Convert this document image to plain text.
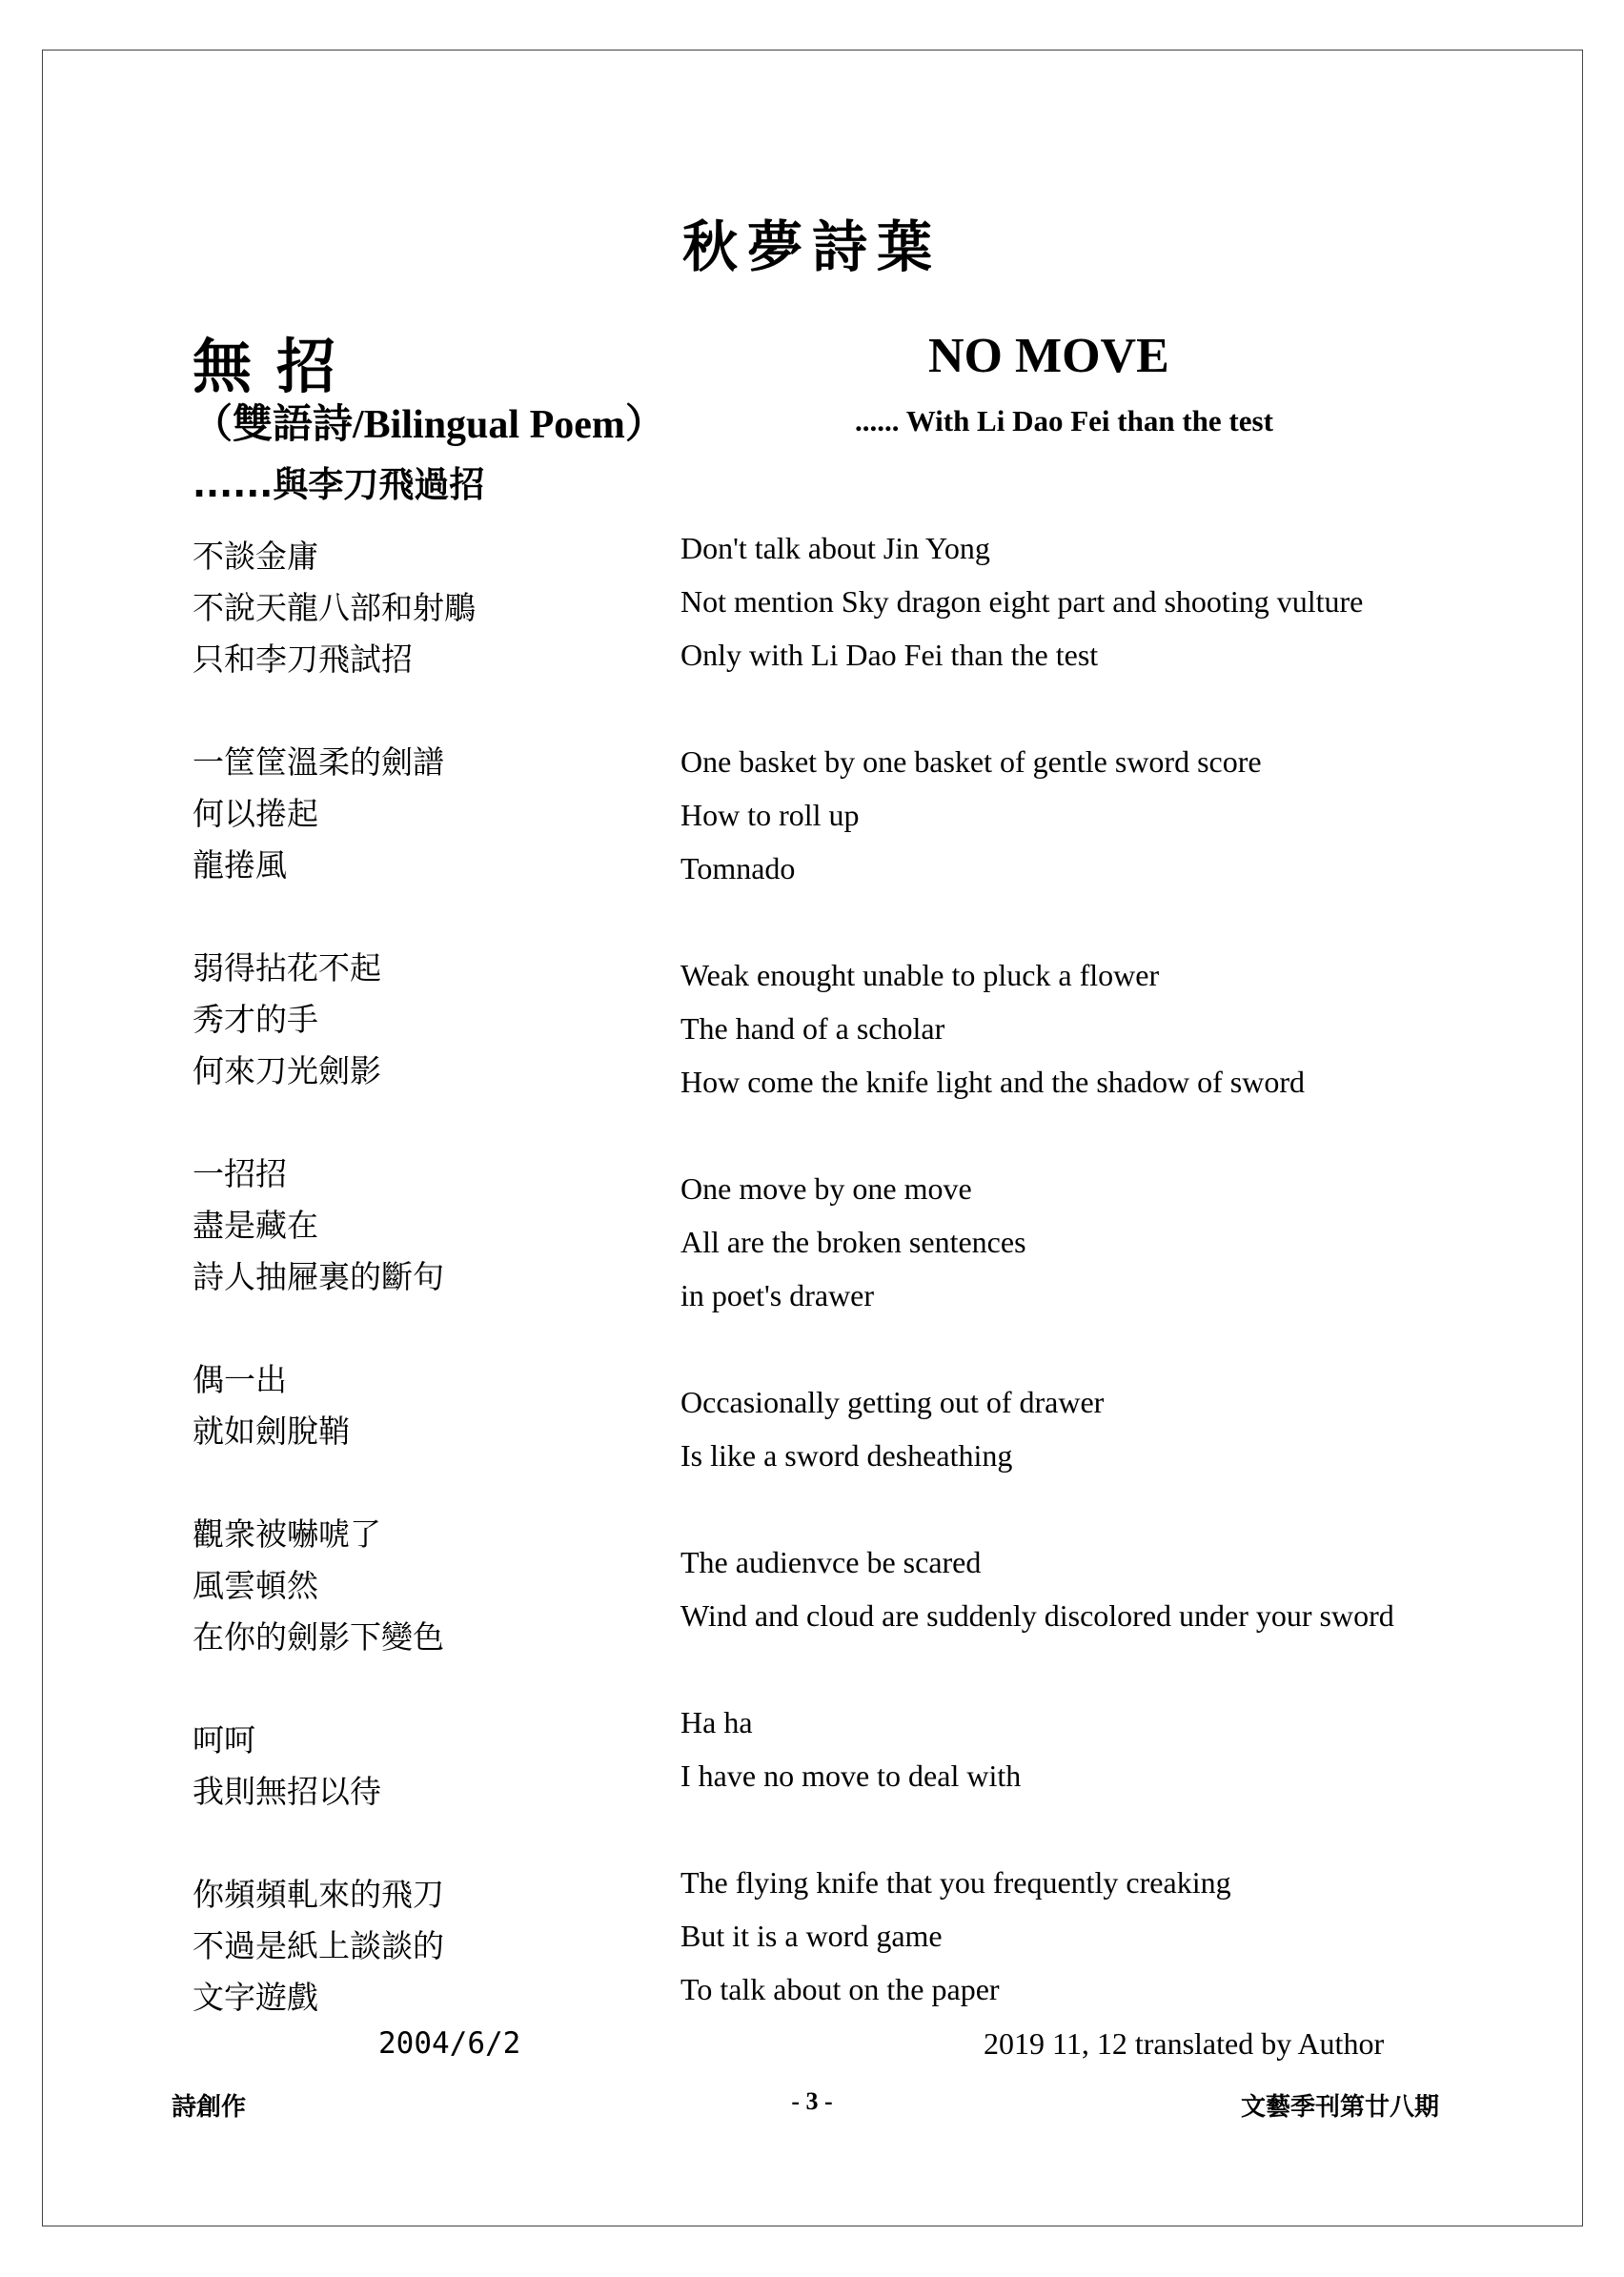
秋夢詩葉
無招	NO MOVE
（雙語詩/Bilingual Poem）	...... With Li Dao Fei than the test
......與李刀飛過招
不談金庸
不說天龍八部和射鵰
只和李刀飛試招
一筐筐溫柔的劍譜
何以捲起
龍捲風
弱得拈花不起
秀才的手
何來刀光劍影
一招招
盡是藏在
詩人抽屜裏的斷句
偶一出
就如劍脫鞘
觀衆被嚇唬了
風雲頓然
在你的劍影下變色
呵呵
我則無招以待
你頻頻軋來的飛刀
不過是紙上談談的
文字遊戲
Don't talk about Jin Yong
Not mention Sky dragon eight part and shooting vulture
Only with Li Dao Fei than the test
One basket by one basket of gentle sword score
How to roll up
Tomnado
Weak enought unable to pluck a flower
The hand of a scholar
How come the knife light and the shadow of sword
One move by one move
All are the broken sentences
in poet's drawer
Occasionally getting out of drawer
Is like a sword desheathing
The audienvce be scared
Wind and cloud are suddenly discolored under your sword
Ha ha
I have no move to deal with
The flying knife that you frequently creaking
But it is a word game
To talk about on the paper
2004/6/2	2019 11, 12 translated by Author
詩創作	- 3 -	文藝季刊第廿八期
